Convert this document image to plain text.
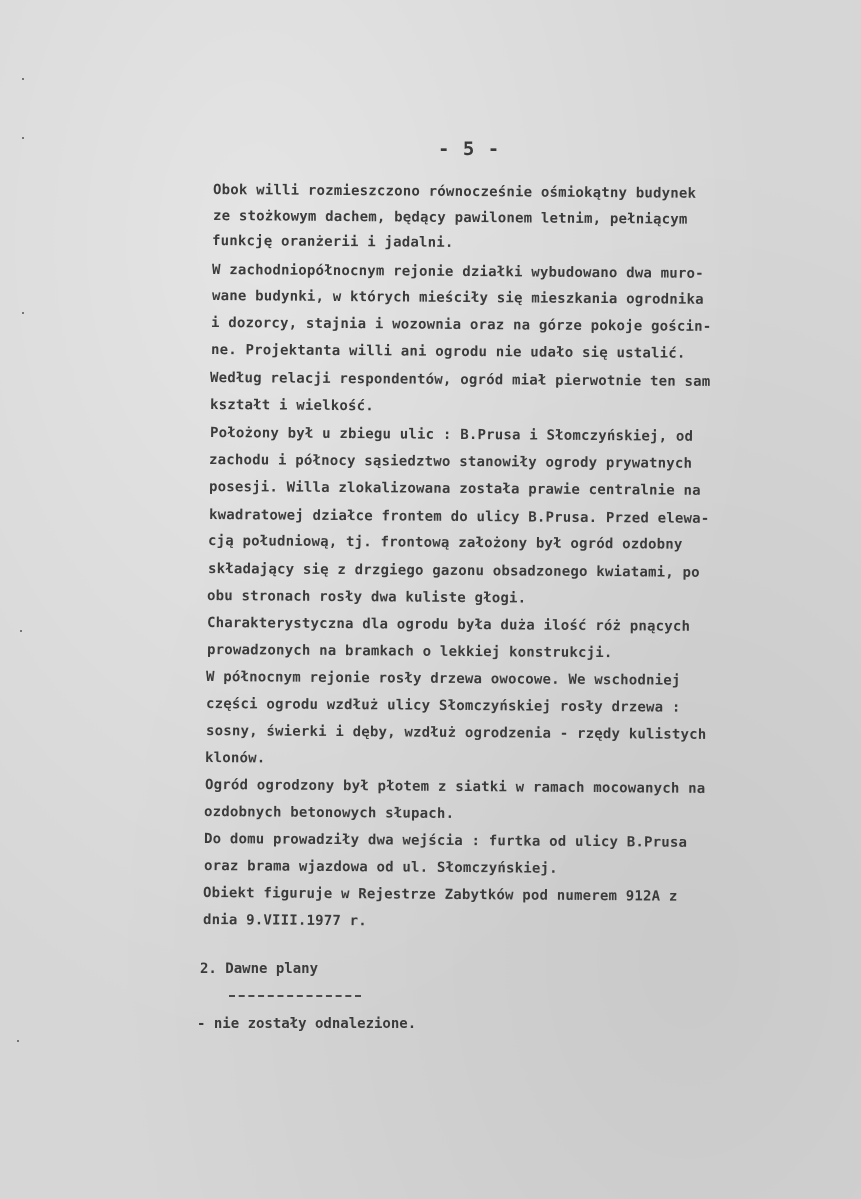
- 5 -
Obok willi rozmieszczono równocześnie ośmiokątny budynek
ze stożkowym dachem, będący pawilonem letnim, pełniącym
funkcję oranżerii i jadalni.
W zachodniopółnocnym rejonie działki wybudowano dwa muro-
wane budynki, w których mieściły się mieszkania ogrodnika
i dozorcy, stajnia i wozownia oraz na górze pokoje gościn-
ne. Projektanta willi ani ogrodu nie udało się ustalić.
Według relacji respondentów, ogród miał pierwotnie ten sam
kształt i wielkość.
Położony był u zbiegu ulic : B.Prusa i Słomczyńskiej, od
zachodu i północy sąsiedztwo stanowiły ogrody prywatnych
posesji. Willa zlokalizowana została prawie centralnie na
kwadratowej działce frontem do ulicy B.Prusa. Przed elewa-
cją południową, tj. frontową założony był ogród ozdobny
składający się z drzgiego gazonu obsadzonego kwiatami, po
obu stronach rosły dwa kuliste głogi.
Charakterystyczna dla ogrodu była duża ilość róż pnących
prowadzonych na bramkach o lekkiej konstrukcji.
W północnym rejonie rosły drzewa owocowe. We wschodniej
części ogrodu wzdłuż ulicy Słomczyńskiej rosły drzewa :
sosny, świerki i dęby, wzdłuż ogrodzenia - rzędy kulistych
klonów.
Ogród ogrodzony był płotem z siatki w ramach mocowanych na
ozdobnych betonowych słupach.
Do domu prowadziły dwa wejścia : furtka od ulicy B.Prusa
oraz brama wjazdowa od ul. Słomczyńskiej.
Obiekt figuruje w Rejestrze Zabytków pod numerem 912A z
dnia 9.VIII.1977 r.
2. Dawne plany
- nie zostały odnalezione.
